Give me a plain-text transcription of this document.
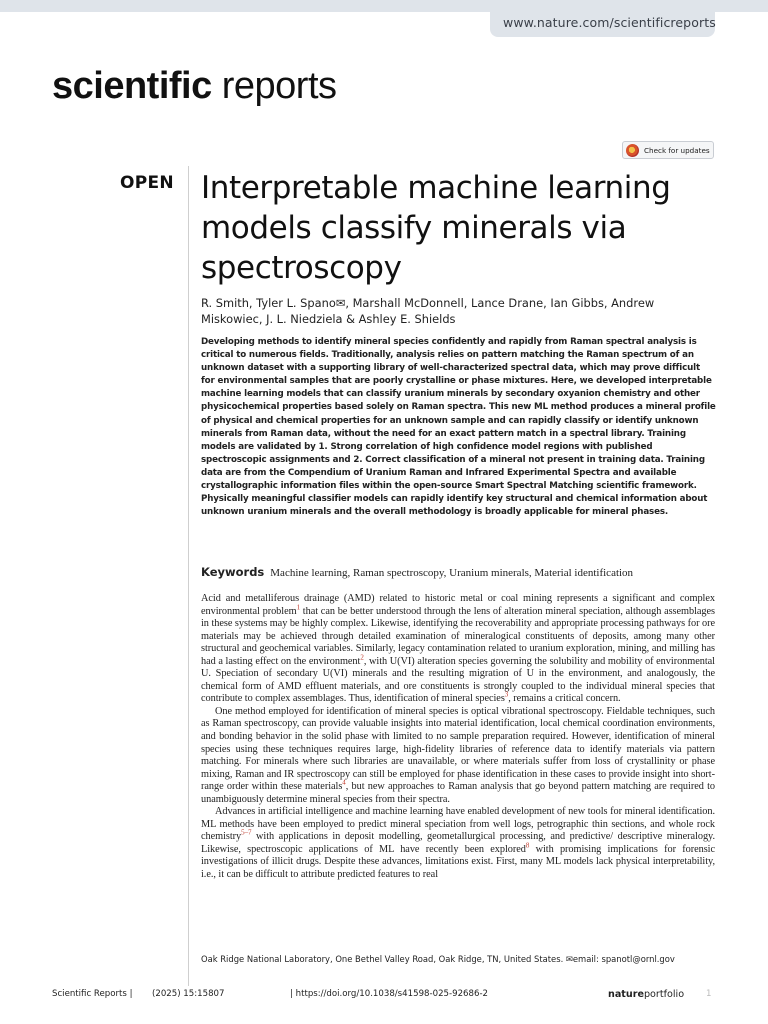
www.nature.com/scientificreports
scientific reports
Check for updates
OPEN Interpretable machine learning models classify minerals via spectroscopy

R. Smith, Tyler L. Spano✉, Marshall McDonnell, Lance Drane, Ian Gibbs, Andrew Miskowiec, J. L. Niedziela & Ashley E. Shields

Developing methods to identify mineral species confidently and rapidly from Raman spectral analysis is critical to numerous fields. Traditionally, analysis relies on pattern matching the Raman spectrum of an unknown dataset with a supporting library of well-characterized spectral data, which may prove difficult for environmental samples that are poorly crystalline or phase mixtures. Here, we developed interpretable machine learning models that can classify uranium minerals by secondary oxyanion chemistry and other physicochemical properties based solely on Raman spectra. This new ML method produces a mineral profile of physical and chemical properties for an unknown sample and can rapidly classify or identify unknown minerals from Raman data, without the need for an exact pattern match in a spectral library. Training models are validated by 1. Strong correlation of high confidence model regions with published spectroscopic assignments and 2. Correct classification of a mineral not present in training data. Training data are from the Compendium of Uranium Raman and Infrared Experimental Spectra and available crystallographic information files within the open-source Smart Spectral Matching scientific framework. Physically meaningful classifier models can rapidly identify key structural and chemical information about unknown uranium minerals and the overall methodology is broadly applicable for mineral phases.

Keywords Machine learning, Raman spectroscopy, Uranium minerals, Material identification

Acid and metalliferous drainage (AMD) related to historic metal or coal mining represents a significant and complex environmental problem$^1$ that can be better understood through the lens of alteration mineral speciation, although assemblages in these systems may be highly complex. Likewise, identifying the recoverability and appropriate processing pathways for ore materials may be achieved through detailed examination of mineralogical constituents of deposits, among many other structural and geochemical variables. Similarly, legacy contamination related to uranium exploration, mining, and milling has had a lasting effect on the environment$^2$, with U(VI) alteration species governing the solubility and mobility of environmental U. Speciation of secondary U(VI) minerals and the resulting migration of U in the environment, and analogously, the chemical form of AMD effluent materials, and ore constituents is strongly coupled to the individual mineral species that contribute to complex assemblages. Thus, identification of mineral species$^3$, remains a critical concern.

One method employed for identification of mineral species is optical vibrational spectroscopy. Fieldable techniques, such as Raman spectroscopy, can provide valuable insights into material identification, local chemical coordination environments, and bonding behavior in the solid phase with limited to no sample preparation required. However, identification of mineral species using these techniques requires large, high-fidelity libraries of reference data to identify materials via pattern matching. For minerals where such libraries are unavailable, or where materials suffer from loss of crystallinity or phase mixing, Raman and IR spectroscopy can still be employed for phase identification in these cases to provide insight into short-range order within these materials$^4$, but new approaches to Raman analysis that go beyond pattern matching are required to unambiguously determine mineral species from their spectra.

Advances in artificial intelligence and machine learning have enabled development of new tools for mineral identification. ML methods have been employed to predict mineral speciation from well logs, petrographic thin sections, and whole rock chemistry$^{5-7}$ with applications in deposit modelling, geometallurgical processing, and predictive/ descriptive mineralogy. Likewise, spectroscopic applications of ML have recently been explored$^8$ with promising implications for forensic investigations of illicit drugs. Despite these advances, limitations exist. First, many ML models lack physical interpretability, i.e., it can be difficult to attribute predicted features to real

Oak Ridge National Laboratory, One Bethel Valley Road, Oak Ridge, TN, United States. ✉email: spanotl@ornl.gov
Scientific Reports | (2025) 15:15807	| https://doi.org/10.1038/s41598-025-92686-2	natureportfolio	1
